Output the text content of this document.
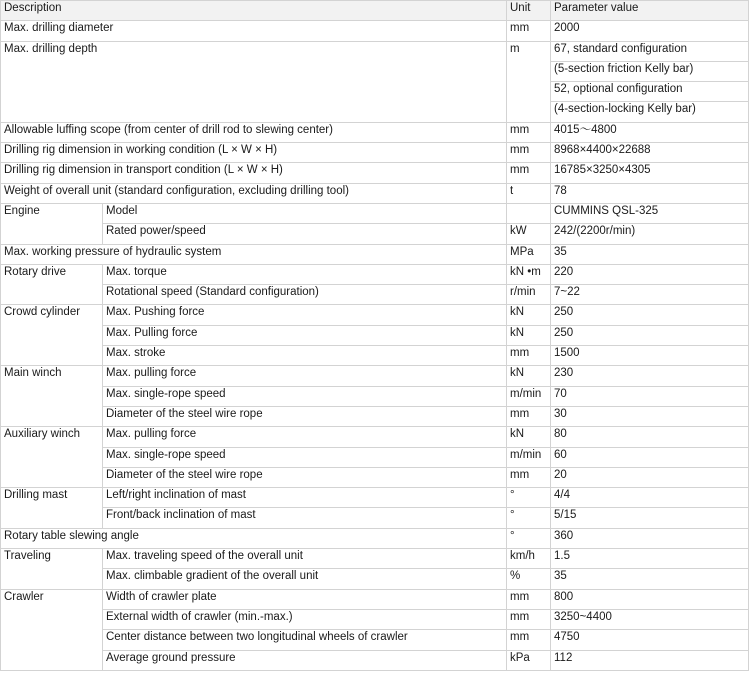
Description		Unit	Parameter value
Max. drilling diameter		mm	2000
Max. drilling depth		m	67, standard configuration
			(5-section friction Kelly bar)
			52, optional configuration
			(4-section-locking Kelly bar)
Allowable luffing scope (from center of drill rod to slewing center)		mm	4015～4800
Drilling rig dimension in working condition (L × W × H)		mm	8968×4400×22688
Drilling rig dimension in transport condition (L × W × H)		mm	16785×3250×4305
Weight of overall unit (standard configuration, excluding drilling tool)		t	78
Engine	Model		CUMMINS QSL-325
	Rated power/speed	kW	242/(2200r/min)
Max. working pressure of hydraulic system		MPa	35
Rotary drive	Max. torque	kN •m	220
	Rotational speed (Standard configuration)	r/min	7~22
Crowd cylinder	Max. Pushing force	kN	250
	Max. Pulling force	kN	250
	Max. stroke	mm	1500
Main winch	Max. pulling force	kN	230
	Max. single-rope speed	m/min	70
	Diameter of the steel wire rope	mm	30
Auxiliary winch	Max. pulling force	kN	80
	Max. single-rope speed	m/min	60
	Diameter of the steel wire rope	mm	20
Drilling mast	Left/right inclination of mast	°	4/4
	Front/back inclination of mast	°	5/15
Rotary table slewing angle		°	360
Traveling	Max. traveling speed of the overall unit	km/h	1.5
	Max. climbable gradient of the overall unit	%	35
Crawler	Width of crawler plate	mm	800
	External width of crawler (min.-max.)	mm	3250~4400
	Center distance between two longitudinal wheels of crawler	mm	4750
	Average ground pressure	kPa	112
